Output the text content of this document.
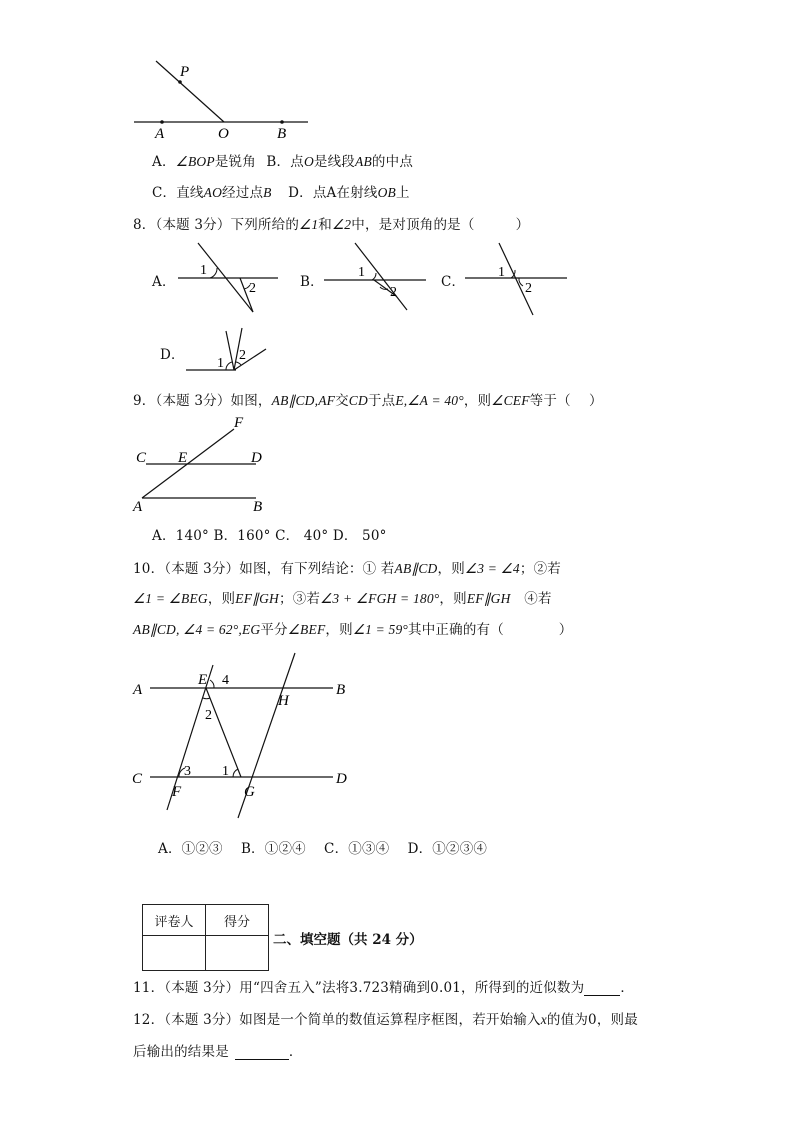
P
A	O	B
A．∠BOP是锐角 B．点O是线段AB的中点
C．直线AO经过点B D．点A在射线OB上
8．（本题 3分）下列所给的∠1和∠2中，是对顶角的是（　　　）
A．
1
2	B．
1
2
C．
1
2
D．
1
2
9．（本题 3分）如图，AB∥CD,AF交CD于点E,∠A = 40°，则∠CEF等于（　 ）
F
C E	D
A	B
A．140° B．160° C． 40° D． 50°
10．（本题 3分）如图，有下列结论：① 若AB∥CD，则∠3 = ∠4；②若
∠1 = ∠BEG，则EF∥GH；③若∠3 + ∠FGH = 180°，则EF∥GH　④若
AB∥CD, ∠4 = 62°,EG平分∠BEF，则∠1 = 59°其中正确的有（　　　　）
A
E 4
B
2
H
C	3 1	D
F	G
A．①②③　 B．①②④　 C．①③④　 D．①②③④
评卷人	得分

二、填空题（共 24 分）
11．（本题 3分）用“四舍五入”法将3.723精确到0.01，所得到的近似数为	．
12．（本题 3分）如图是一个简单的数值运算程序框图，若开始输入x的值为0，则最
后输出的结果是	．
